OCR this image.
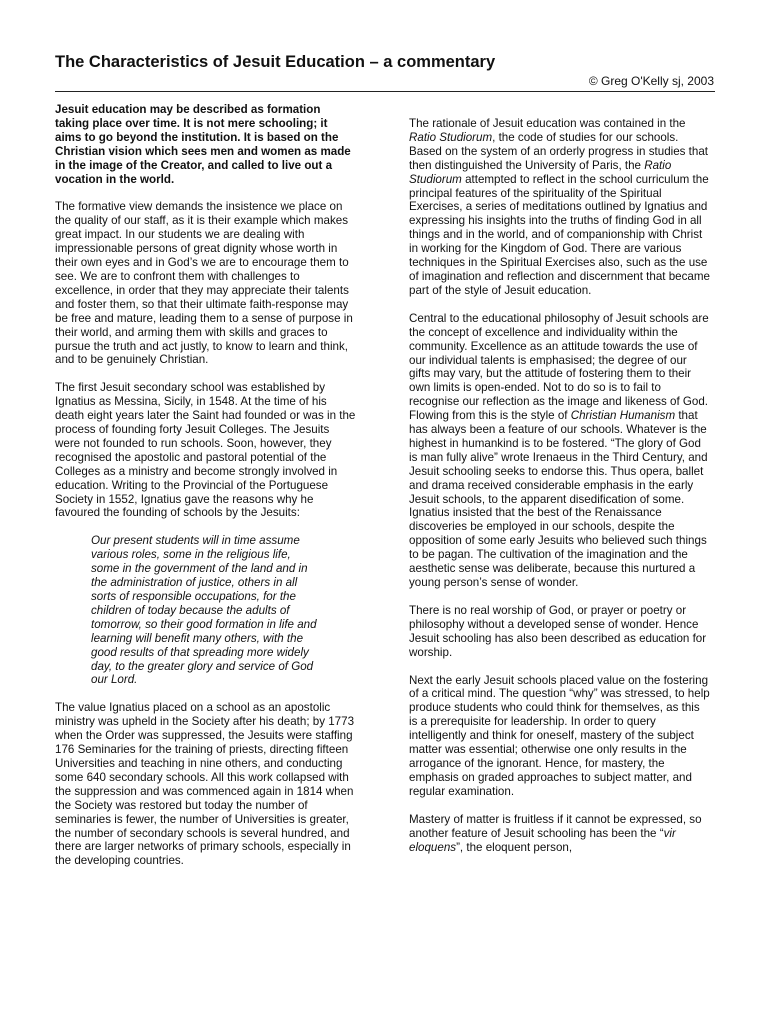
The Characteristics of Jesuit Education – a commentary
© Greg O'Kelly sj, 2003

Jesuit education may be described as formation taking place over time. It is not mere schooling; it aims to go beyond the institution. It is based on the Christian vision which sees men and women as made in the image of the Creator, and called to live out a vocation in the world.

The formative view demands the insistence we place on the quality of our staff, as it is their example which makes great impact. In our students we are dealing with impressionable persons of great dignity whose worth in their own eyes and in God’s we are to encourage them to see. We are to confront them with challenges to excellence, in order that they may appreciate their talents and foster them, so that their ultimate faith-response may be free and mature, leading them to a sense of purpose in their world, and arming them with skills and graces to pursue the truth and act justly, to know to learn and think, and to be genuinely Christian.

The first Jesuit secondary school was established by Ignatius as Messina, Sicily, in 1548. At the time of his death eight years later the Saint had founded or was in the process of founding forty Jesuit Colleges. The Jesuits were not founded to run schools. Soon, however, they recognised the apostolic and pastoral potential of the Colleges as a ministry and become strongly involved in education. Writing to the Provincial of the Portuguese Society in 1552, Ignatius gave the reasons why he favoured the founding of schools by the Jesuits:

Our present students will in time assume various roles, some in the religious life, some in the government of the land and in the administration of justice, others in all sorts of responsible occupations, for the children of today because the adults of tomorrow, so their good formation in life and learning will benefit many others, with the good results of that spreading more widely day, to the greater glory and service of God our Lord.

The value Ignatius placed on a school as an apostolic ministry was upheld in the Society after his death; by 1773 when the Order was suppressed, the Jesuits were staffing 176 Seminaries for the training of priests, directing fifteen Universities and teaching in nine others, and conducting some 640 secondary schools. All this work collapsed with the suppression and was commenced again in 1814 when the Society was restored but today the number of seminaries is fewer, the number of Universities is greater, the number of secondary schools is several hundred, and there are larger networks of primary schools, especially in the developing countries.

The rationale of Jesuit education was contained in the Ratio Studiorum, the code of studies for our schools. Based on the system of an orderly progress in studies that then distinguished the University of Paris, the Ratio Studiorum attempted to reflect in the school curriculum the principal features of the spirituality of the Spiritual Exercises, a series of meditations outlined by Ignatius and expressing his insights into the truths of finding God in all things and in the world, and of companionship with Christ in working for the Kingdom of God. There are various techniques in the Spiritual Exercises also, such as the use of imagination and reflection and discernment that became part of the style of Jesuit education.

Central to the educational philosophy of Jesuit schools are the concept of excellence and individuality within the community. Excellence as an attitude towards the use of our individual talents is emphasised; the degree of our gifts may vary, but the attitude of fostering them to their own limits is open-ended. Not to do so is to fail to recognise our reflection as the image and likeness of God. Flowing from this is the style of Christian Humanism that has always been a feature of our schools. Whatever is the highest in humankind is to be fostered. “The glory of God is man fully alive” wrote Irenaeus in the Third Century, and Jesuit schooling seeks to endorse this. Thus opera, ballet and drama received considerable emphasis in the early Jesuit schools, to the apparent disedification of some. Ignatius insisted that the best of the Renaissance discoveries be employed in our schools, despite the opposition of some early Jesuits who believed such things to be pagan. The cultivation of the imagination and the aesthetic sense was deliberate, because this nurtured a young person’s sense of wonder.

There is no real worship of God, or prayer or poetry or philosophy without a developed sense of wonder. Hence Jesuit schooling has also been described as education for worship.

Next the early Jesuit schools placed value on the fostering of a critical mind. The question “why” was stressed, to help produce students who could think for themselves, as this is a prerequisite for leadership. In order to query intelligently and think for oneself, mastery of the subject matter was essential; otherwise one only results in the arrogance of the ignorant. Hence, for mastery, the emphasis on graded approaches to subject matter, and regular examination.

Mastery of matter is fruitless if it cannot be expressed, so another feature of Jesuit schooling has been the “vir eloquens”, the eloquent person,
